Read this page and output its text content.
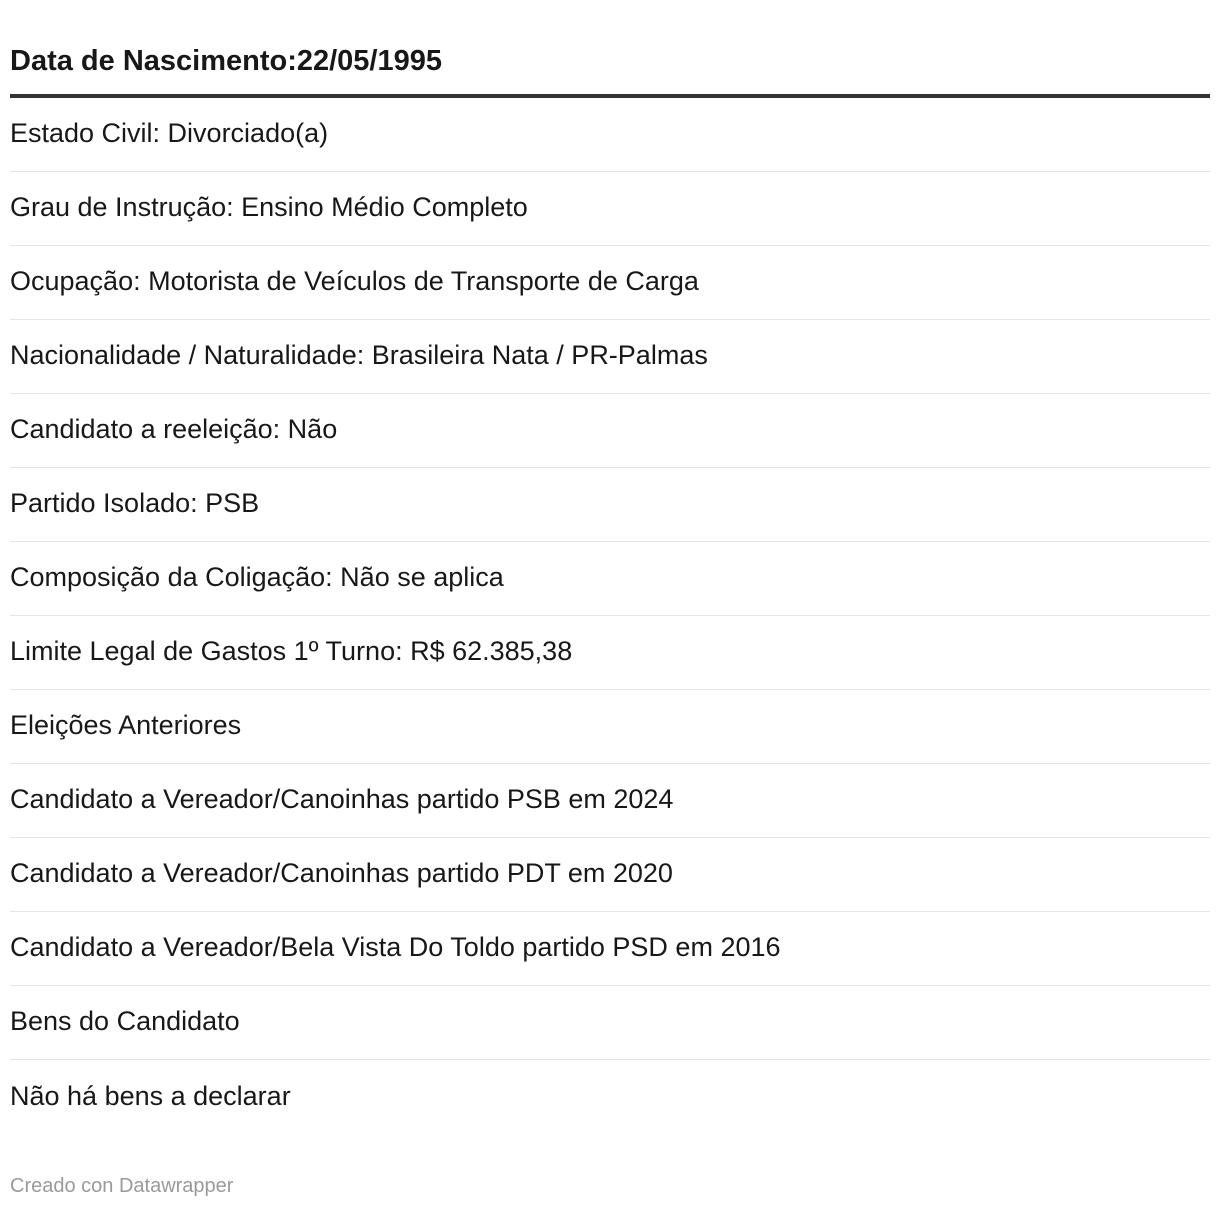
Data de Nascimento:22/05/1995
Estado Civil: Divorciado(a)
Grau de Instrução: Ensino Médio Completo
Ocupação: Motorista de Veículos de Transporte de Carga
Nacionalidade / Naturalidade: Brasileira Nata / PR-Palmas
Candidato a reeleição: Não
Partido Isolado: PSB
Composição da Coligação: Não se aplica
Limite Legal de Gastos 1º Turno: R$ 62.385,38
Eleições Anteriores
Candidato a Vereador/Canoinhas partido PSB em 2024
Candidato a Vereador/Canoinhas partido PDT em 2020
Candidato a Vereador/Bela Vista Do Toldo partido PSD em 2016
Bens do Candidato
Não há bens a declarar
Creado con Datawrapper
